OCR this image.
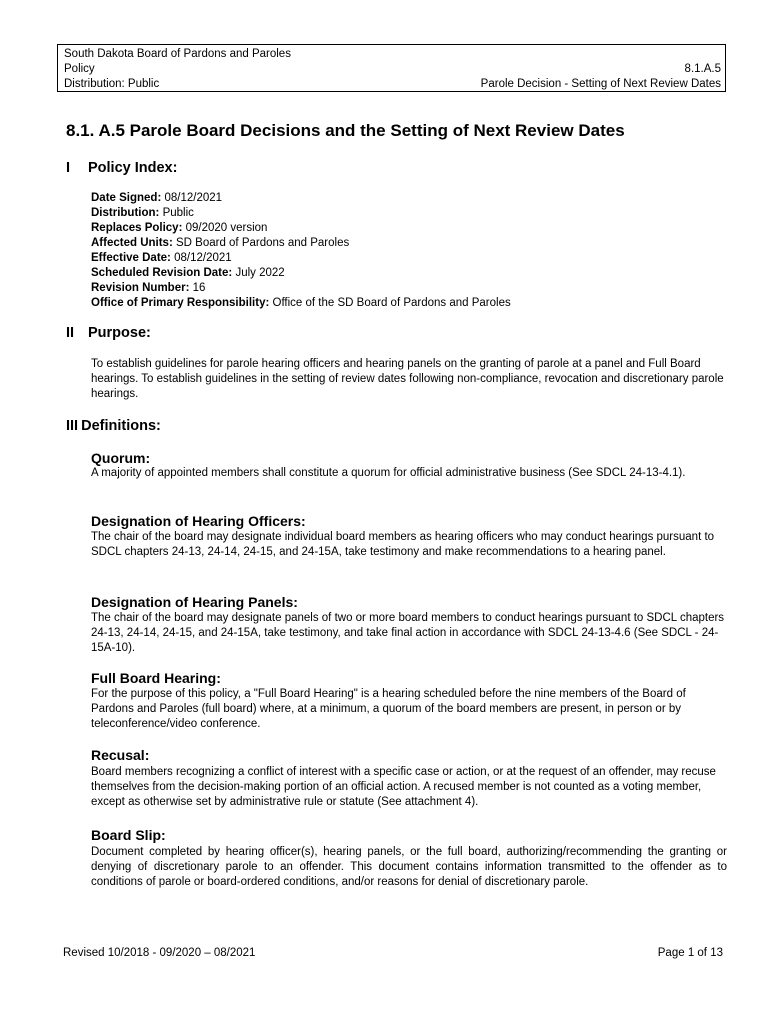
South Dakota Board of Pardons and Paroles
Policy	8.1.A.5
Distribution: Public	Parole Decision - Setting of Next Review Dates
8.1. A.5 Parole Board Decisions and the Setting of Next Review Dates
I Policy Index:
Date Signed: 08/12/2021
Distribution: Public
Replaces Policy: 09/2020 version
Affected Units: SD Board of Pardons and Paroles
Effective Date: 08/12/2021
Scheduled Revision Date: July 2022
Revision Number: 16
Office of Primary Responsibility: Office of the SD Board of Pardons and Paroles
II Purpose:

To establish guidelines for parole hearing officers and hearing panels on the granting of parole at a panel and Full Board hearings. To establish guidelines in the setting of review dates following non-compliance, revocation and discretionary parole hearings.

III Definitions:
Quorum:

A majority of appointed members shall constitute a quorum for official administrative business (See SDCL 24-13-4.1).

Designation of Hearing Officers:

The chair of the board may designate individual board members as hearing officers who may conduct hearings pursuant to SDCL chapters 24-13, 24-14, 24-15, and 24-15A, take testimony and make recommendations to a hearing panel.

Designation of Hearing Panels:

The chair of the board may designate panels of two or more board members to conduct hearings pursuant to SDCL chapters 24-13, 24-14, 24-15, and 24-15A, take testimony, and take final action in accordance with SDCL 24-13-4.6 (See SDCL - 24-15A-10).

Full Board Hearing:

For the purpose of this policy, a "Full Board Hearing" is a hearing scheduled before the nine members of the Board of Pardons and Paroles (full board) where, at a minimum, a quorum of the board members are present, in person or by teleconference/video conference.

Recusal:

Board members recognizing a conflict of interest with a specific case or action, or at the request of an offender, may recuse themselves from the decision-making portion of an official action. A recused member is not counted as a voting member, except as otherwise set by administrative rule or statute (See attachment 4).

Board Slip:

Document completed by hearing officer(s), hearing panels, or the full board, authorizing/recommending the granting or denying of discretionary parole to an offender. This document contains information transmitted to the offender as to conditions of parole or board-ordered conditions, and/or reasons for denial of discretionary parole.

Revised 10/2018 - 09/2020 – 08/2021	Page 1 of 13
